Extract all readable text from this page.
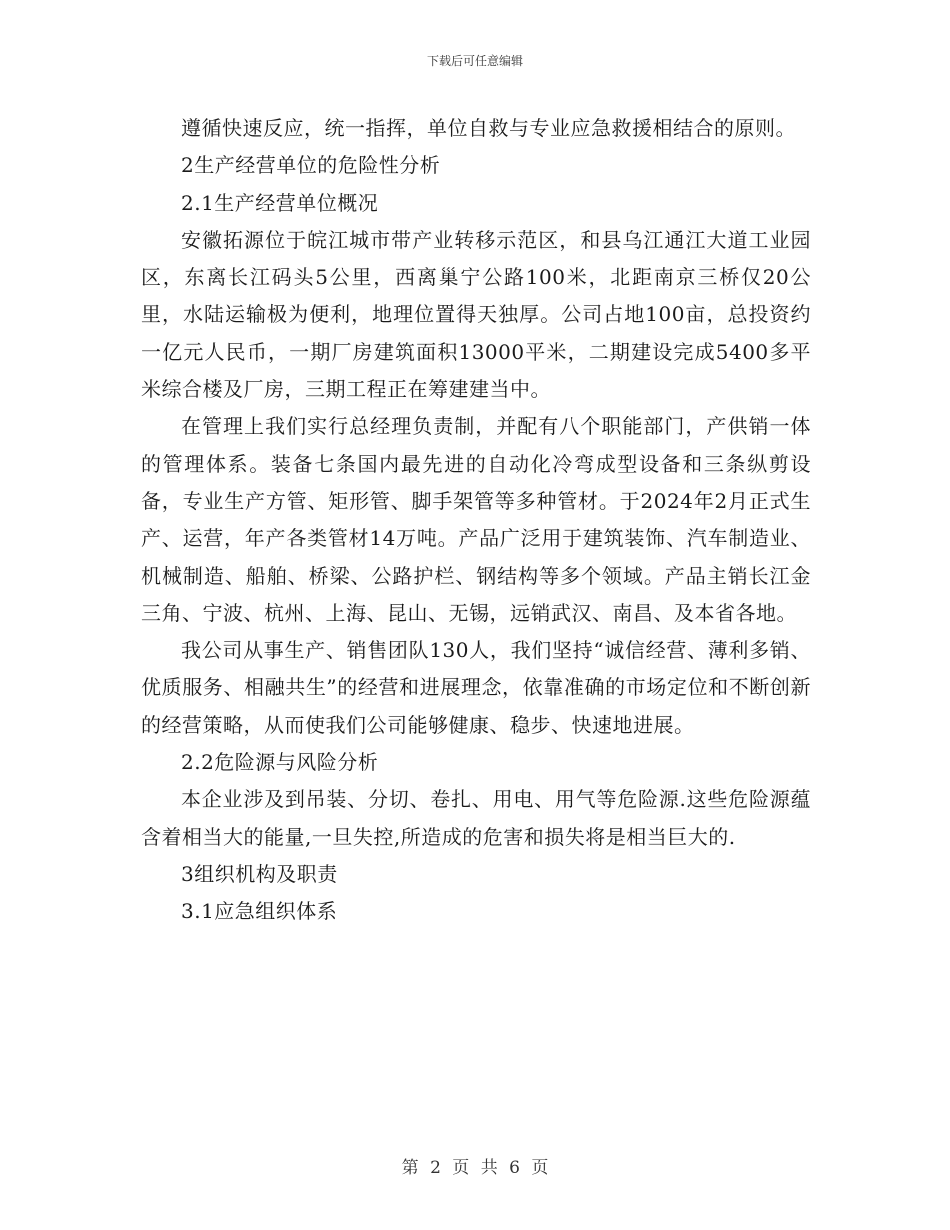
下载后可任意编辑

遵循快速反应，统一指挥，单位自救与专业应急救援相结合的原则。

2生产经营单位的危险性分析

2.1生产经营单位概况

安徽拓源位于皖江城市带产业转移示范区，和县乌江通江大道工业园区，东离长江码头5公里，西离巢宁公路100米，北距南京三桥仅20公里，水陆运输极为便利，地理位置得天独厚。公司占地100亩，总投资约一亿元人民币，一期厂房建筑面积13000平米，二期建设完成5400多平米综合楼及厂房，三期工程正在筹建建当中。

在管理上我们实行总经理负责制，并配有八个职能部门，产供销一体的管理体系。装备七条国内最先进的自动化冷弯成型设备和三条纵剪设备，专业生产方管、矩形管、脚手架管等多种管材。于2024年2月正式生产、运营，年产各类管材14万吨。产品广泛用于建筑装饰、汽车制造业、机械制造、船舶、桥梁、公路护栏、钢结构等多个领域。产品主销长江金三角、宁波、杭州、上海、昆山、无锡，远销武汉、南昌、及本省各地。

我公司从事生产、销售团队130人，我们坚持“诚信经营、薄利多销、优质服务、相融共生”的经营和进展理念，依靠准确的市场定位和不断创新的经营策略，从而使我们公司能够健康、稳步、快速地进展。

2.2危险源与风险分析

本企业涉及到吊装、分切、卷扎、用电、用气等危险源.这些危险源蕴含着相当大的能量,一旦失控,所造成的危害和损失将是相当巨大的.

3组织机构及职责

3.1应急组织体系

第 2 页 共 6 页
